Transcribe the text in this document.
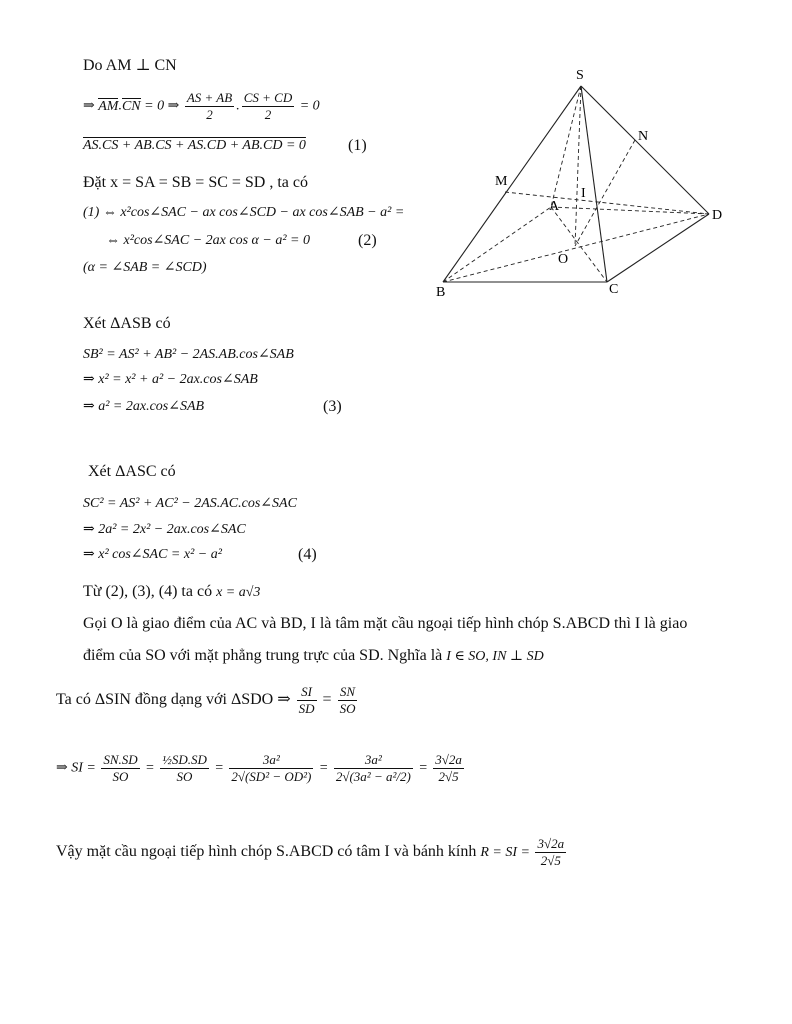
Do AM ⊥ CN
⇒ AM.CN = 0 ⇒ $\frac{AS + AB}{2}$ . $\frac{CS + CD}{2} = 0$
AS.CS + AB.CS + AS.CD + AB.CD = 0	(1)
Đặt x = SA = SB = SC = SD , ta có
(1) ⇔ x²cos∠SAC − ax cos∠SCD − ax cos∠SAB − a² =
⇔ x²cos∠SAC − 2ax cos α − a² = 0	(2)
(α = ∠SAB = ∠SCD)
Xét ΔASB có
SB² = AS² + AB² − 2AS.AB.cos∠SAB
⇒ x² = x² + a² − 2ax.cos∠SAB
⇒ a² = 2ax.cos∠SAB	(3)
Xét ΔASC có
SC² = AS² + AC² − 2AS.AC.cos∠SAC
⇒ 2a² = 2x² − 2ax.cos∠SAC
⇒ x² cos∠SAC = x² − a²	(4)
Từ (2), (3), (4) ta có x = a√3
Gọi O là giao điểm của AC và BD, I là tâm mặt cầu ngoại tiếp hình chóp S.ABCD thì I là giao
điểm của SO với mặt phẳng trung trực của SD. Nghĩa là I ∈ SO, IN ⊥ SD
Ta có ΔSIN đồng dạng với ΔSDO ⇒ $\frac{SI}{SD} = \frac{SN}{SO}$
⇒ SI = $\frac{SN.SD}{SO} = \frac{\text{½SD.SD}}{SO} = \frac{\text{3a²}}{\text{2√(SD² − OD²)}} = \frac{\text{3a²}}{\text{2√(3a² − a²/2)}} = \frac{3√2a}{2√5}$
Vậy mặt cầu ngoại tiếp hình chóp S.ABCD có tâm I và bánh kính R = SI = $\frac{3√2a}{2√5}$
S
N
M
I
A
D
O
B	C
